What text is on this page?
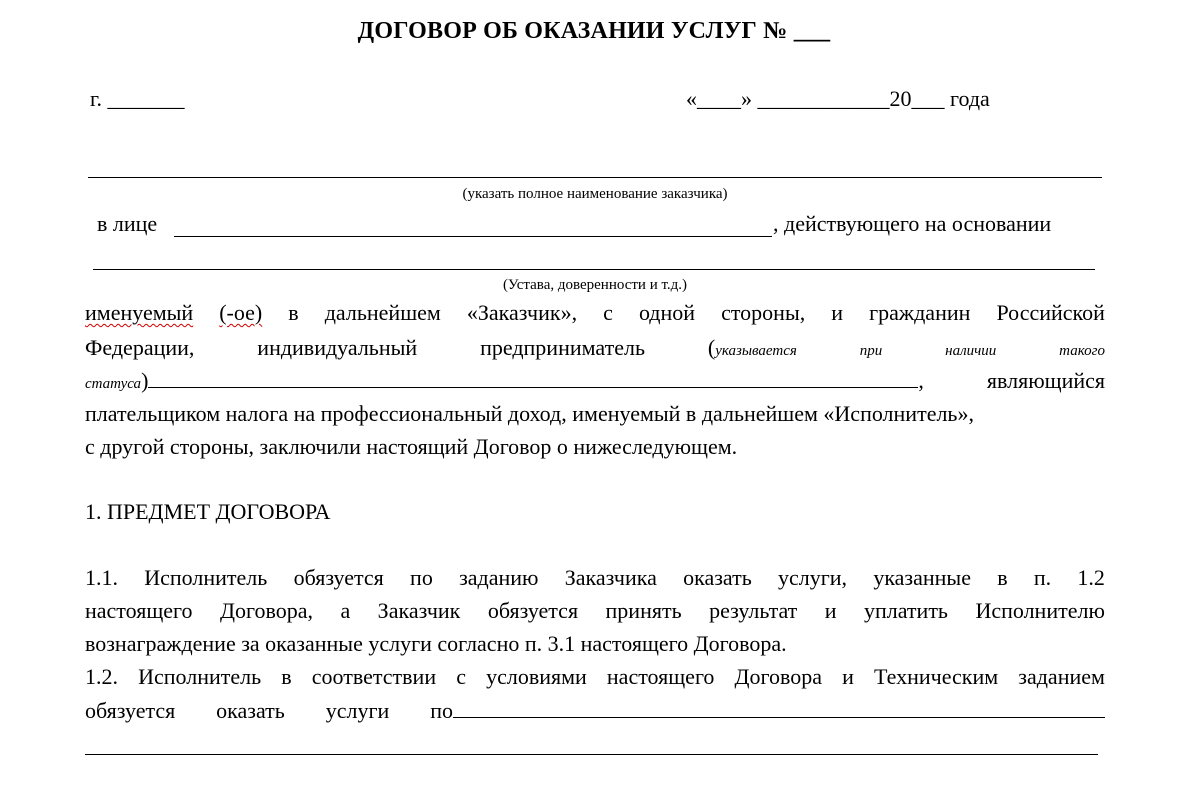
ДОГОВОР ОБ ОКАЗАНИИ УСЛУГ № ___
г. _______	«____» ____________20___ года
(указать полное наименование заказчика)
в лице	, действующего на основании
(Устава, доверенности и т.д.)
именуемый (-ое) в дальнейшем «Заказчик», с одной стороны, и гражданин Российской
Федерации,	индивидуальный	предприниматель	(указывается	при	наличии	такого
статуса)	,	являющийся
плательщиком налога на профессиональный доход, именуемый в дальнейшем «Исполнитель»,
с другой стороны, заключили настоящий Договор о нижеследующем.
1. ПРЕДМЕТ ДОГОВОРА
1.1. Исполнитель обязуется по заданию Заказчика оказать услуги, указанные в п. 1.2
настоящего Договора, а Заказчик обязуется принять результат и уплатить Исполнителю
вознаграждение за оказанные услуги согласно п. 3.1 настоящего Договора.
1.2. Исполнитель в соответствии с условиями настоящего Договора и Техническим заданием
обязуется оказать услуги по
